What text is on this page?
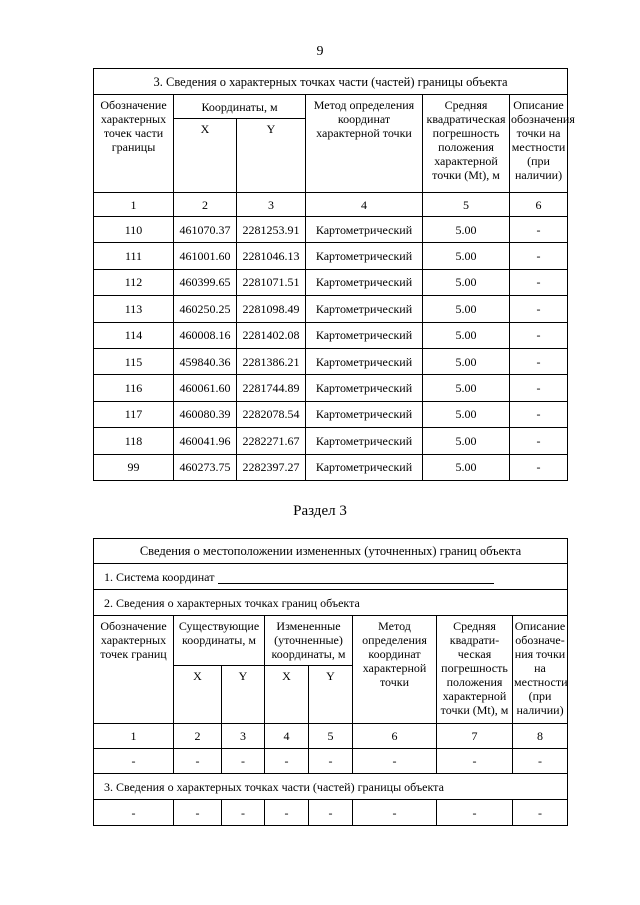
9
3. Сведения о характерных точках части (частей) границы объекта					
Обозначение характерных точек части границы	Координаты, м		Метод определения координат характерной точки	Средняя квадратическая погрешность положения характерной точки (Mt), м	Описание обозначения точки на местности (при наличии)
	X	Y			
1	2	3	4	5	6
110	461070.37	2281253.91	Картометрический	5.00	-
111	461001.60	2281046.13	Картометрический	5.00	-
112	460399.65	2281071.51	Картометрический	5.00	-
113	460250.25	2281098.49	Картометрический	5.00	-
114	460008.16	2281402.08	Картометрический	5.00	-
115	459840.36	2281386.21	Картометрический	5.00	-
116	460061.60	2281744.89	Картометрический	5.00	-
117	460080.39	2282078.54	Картометрический	5.00	-
118	460041.96	2282271.67	Картометрический	5.00	-
99	460273.75	2282397.27	Картометрический	5.00	-
Раздел 3
Сведения о местоположении измененных (уточненных) границ объекта							
1. Система координат							
2. Сведения о характерных точках границ объекта							
Обозначение характерных точек границ	Существующие координаты, м		Измененные (уточненные) координаты, м		Метод определения координат характерной точки	Средняя квадрати-ческая погрешность положения характерной точки (Mt), м	Описание обозначе-ния точки на местности (при наличии)
	X	Y	X	Y			
1	2	3	4	5	6	7	8
-	-	-	-	-	-	-	-
3. Сведения о характерных точках части (частей) границы объекта							
-	-	-	-	-	-	-	-
